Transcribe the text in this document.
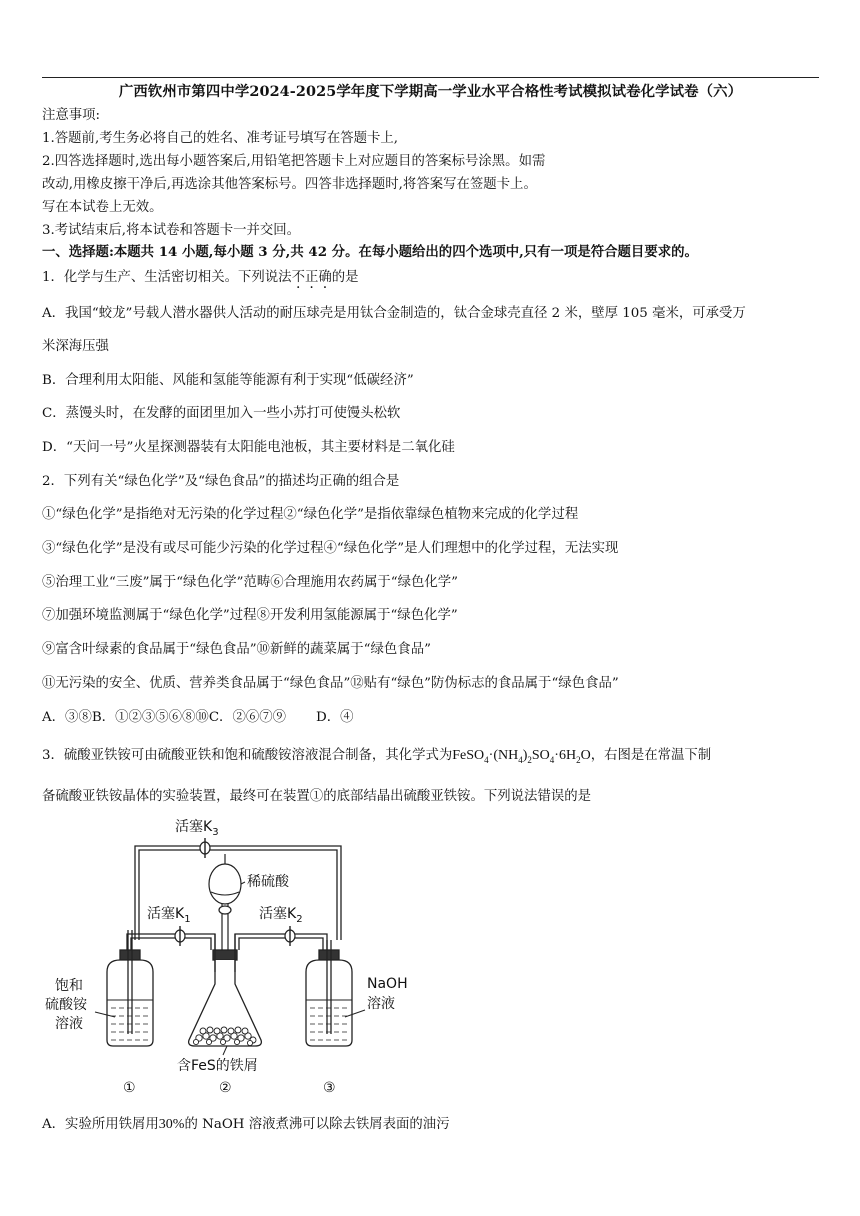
广西钦州市第四中学2024-2025学年度下学期高一学业水平合格性考试模拟试卷化学试卷（六）
注意事项:
1.答题前,考生务必将自己的姓名、准考证号填写在答题卡上,
2.四答选择题时,选出每小题答案后,用铅笔把答题卡上对应题目的答案标号涂黑。如需
改动,用橡皮擦干净后,再选涂其他答案标号。四答非选择题时,将答案写在签题卡上。
写在本试卷上无效。
3.考试结束后,将本试卷和答题卡一并交回。
一、选择题:本题共 14 小题,每小题 3 分,共 42 分。在每小题给出的四个选项中,只有一项是符合题目要求的。
1．化学与生产、生活密切相关。下列说法不正确的是
A．我国“蛟龙”号载人潜水器供人活动的耐压球壳是用钛合金制造的，钛合金球壳直径 2 米，壁厚 105 毫米，可承受万
米深海压强
B．合理利用太阳能、风能和氢能等能源有利于实现“低碳经济”
C．蒸馒头时，在发酵的面团里加入一些小苏打可使馒头松软
D．“天问一号”火星探测器装有太阳能电池板，其主要材料是二氧化硅
2．下列有关“绿色化学”及“绿色食品”的描述均正确的组合是
①“绿色化学”是指绝对无污染的化学过程②“绿色化学”是指依靠绿色植物来完成的化学过程
③“绿色化学”是没有或尽可能少污染的化学过程④“绿色化学”是人们理想中的化学过程，无法实现
⑤治理工业“三废”属于“绿色化学”范畴⑥合理施用农药属于“绿色化学”
⑦加强环境监测属于“绿色化学”过程⑧开发利用氢能源属于“绿色化学”
⑨富含叶绿素的食品属于“绿色食品”⑩新鲜的蔬菜属于“绿色食品”
⑪无污染的安全、优质、营养类食品属于“绿色食品”⑫贴有“绿色”防伪标志的食品属于“绿色食品”
A．③⑧B．①②③⑤⑥⑧⑩C．②⑥⑦⑨ D．④
3．硫酸亚铁铵可由硫酸亚铁和饱和硫酸铵溶液混合制备，其化学式为$FeSO_4\cdot(NH_4)_2SO_4\cdot 6H_2O$，右图是在常温下制
备硫酸亚铁铵晶体的实验装置，最终可在装置①的底部结晶出硫酸亚铁铵。下列说法错误的是
活塞$K_3$
活塞$K_1$	活塞$K_2$
稀硫酸
饱和
硫酸铵
溶液
含FeS的铁屑
NaOH
溶液
①	②	③
A．实验所用铁屑用30%的 NaOH 溶液煮沸可以除去铁屑表面的油污
